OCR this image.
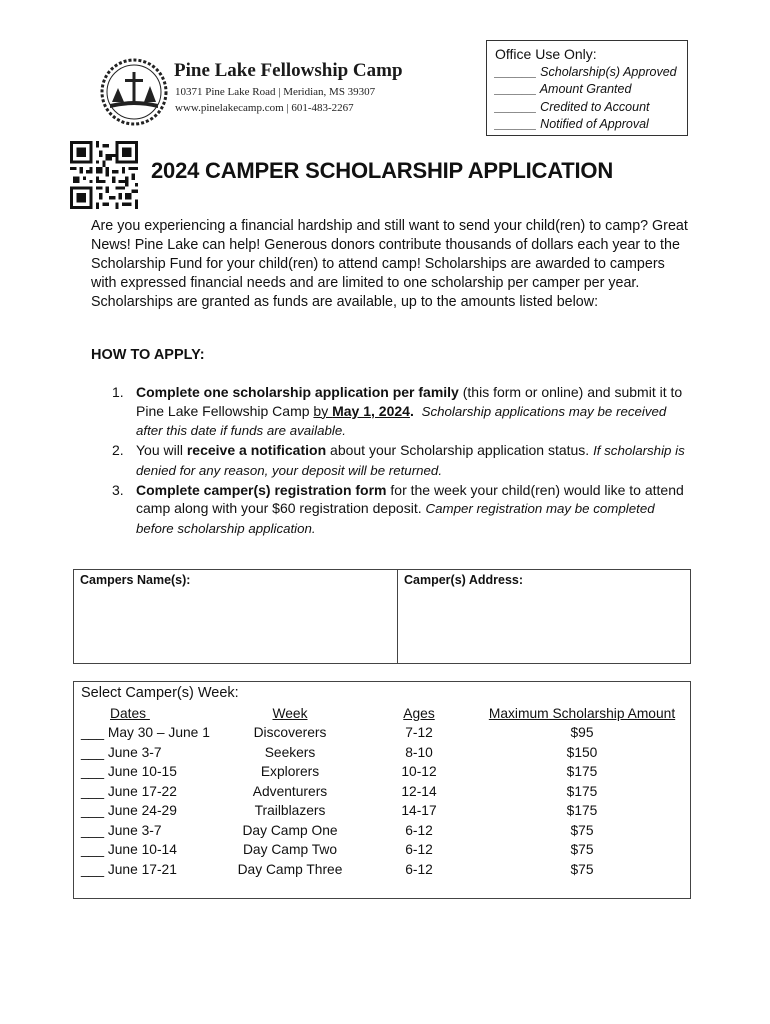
Pine Lake Fellowship Camp
10371 Pine Lake Road | Meridian, MS 39307
www.pinelakecamp.com | 601-483-2267
Office Use Only:
______ Scholarship(s) Approved
______ Amount Granted
______ Credited to Account
______ Notified of Approval
2024 CAMPER SCHOLARSHIP APPLICATION
Are you experiencing a financial hardship and still want to send your child(ren) to camp? Great News! Pine Lake can help! Generous donors contribute thousands of dollars each year to the Scholarship Fund for your child(ren) to attend camp! Scholarships are awarded to campers with expressed financial needs and are limited to one scholarship per camper per year. Scholarships are granted as funds are available, up to the amounts listed below:
HOW TO APPLY:
1. Complete one scholarship application per family (this form or online) and submit it to Pine Lake Fellowship Camp by May 1, 2024. Scholarship applications may be received after this date if funds are available.
2. You will receive a notification about your Scholarship application status. If scholarship is denied for any reason, your deposit will be returned.
3. Complete camper(s) registration form for the week your child(ren) would like to attend camp along with your $60 registration deposit. Camper registration may be completed before scholarship application.
Campers Name(s):	Camper(s) Address:
Select Camper(s) Week:
Dates	Week	Ages	Maximum Scholarship Amount
___ May 30 – June 1	Discoverers	7-12	$95
___ June 3-7	Seekers	8-10	$150
___ June 10-15	Explorers	10-12	$175
___ June 17-22	Adventurers	12-14	$175
___ June 24-29	Trailblazers	14-17	$175
___ June 3-7	Day Camp One	6-12	$75
___ June 10-14	Day Camp Two	6-12	$75
___ June 17-21	Day Camp Three	6-12	$75
